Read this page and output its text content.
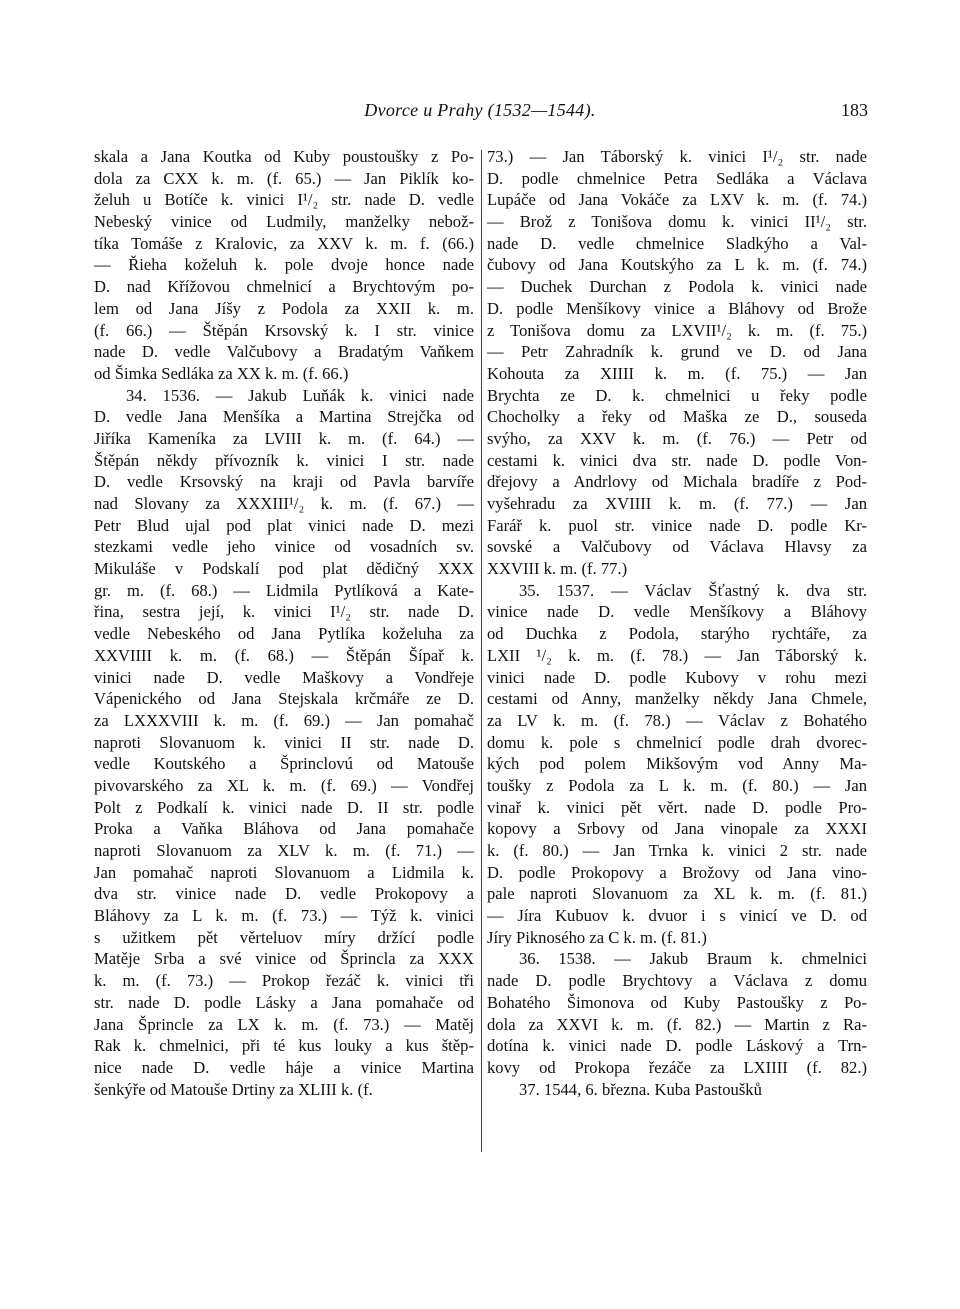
Dvorce u Prahy (1532—1544).	183
skala a Jana Koutka od Kuby poustoušky z Po-
dola za CXX k. m. (f. 65.) — Jan Piklík ko-
želuh u Botíče k. vinici I¹/₂ str. nade D. vedle
Nebeský vinice od Ludmily, manželky nebož-
tíka Tomáše z Kralovic, za XXV k. m. f. (66.)
— Řieha koželuh k. pole dvoje honce nade
D. nad Křížovou chmelnicí a Brychtovým po-
lem od Jana Jíšy z Podola za XXII k. m.
(f. 66.) — Štěpán Krsovský k. I str. vinice
nade D. vedle Valčubovy a Bradatým Vaňkem
od Šimka Sedláka za XX k. m. (f. 66.)
34. 1536. — Jakub Luňák k. vinici nade
D. vedle Jana Menšíka a Martina Strejčka od
Jiříka Kameníka za LVIII k. m. (f. 64.) —
Štěpán někdy přívozník k. vinici I str. nade
D. vedle Krsovský na kraji od Pavla barvíře
nad Slovany za XXXIII¹/₂ k. m. (f. 67.) —
Petr Blud ujal pod plat vinici nade D. mezi
stezkami vedle jeho vinice od vosadních sv.
Mikuláše v Podskalí pod plat dědičný XXX
gr. m. (f. 68.) — Lidmila Pytlíková a Kate-
řina, sestra její, k. vinici I¹/₂ str. nade D.
vedle Nebeského od Jana Pytlíka koželuha za
XXVIIII k. m. (f. 68.) — Štěpán Šípař k.
vinici nade D. vedle Maškovy a Vondřeje
Vápenického od Jana Stejskala krčmáře ze D.
za LXXXVIII k. m. (f. 69.) — Jan pomahač
naproti Slovanuom k. vinici II str. nade D.
vedle Koutského a Šprinclovú od Matouše
pivovarského za XL k. m. (f. 69.) — Vondřej
Polt z Podkalí k. vinici nade D. II str. podle
Proka a Vaňka Bláhova od Jana pomahače
naproti Slovanuom za XLV k. m. (f. 71.) —
Jan pomahač naproti Slovanuom a Lidmila k.
dva str. vinice nade D. vedle Prokopovy a
Bláhovy za L k. m. (f. 73.) — Týž k. vinici
s užitkem pět věrteluov míry držící podle
Matěje Srba a své vinice od Šprincla za XXX
k. m. (f. 73.) — Prokop řezáč k. vinici tři
str. nade D. podle Lásky a Jana pomahače od
Jana Šprincle za LX k. m. (f. 73.) — Matěj
Rak k. chmelnici, při té kus louky a kus štěp-
nice nade D. vedle háje a vinice Martina
šenkýře od Matouše Drtiny za XLIII k. (f.
73.) — Jan Táborský k. vinici I¹/₂ str. nade
D. podle chmelnice Petra Sedláka a Václava
Lupáče od Jana Vokáče za LXV k. m. (f. 74.)
— Brož z Tonišova domu k. vinici II¹/₂ str.
nade D. vedle chmelnice Sladkýho a Val-
čubovy od Jana Koutskýho za L k. m. (f. 74.)
— Duchek Durchan z Podola k. vinici nade
D. podle Menšíkovy vinice a Bláhovy od Brože
z Tonišova domu za LXVII¹/₂ k. m. (f. 75.)
— Petr Zahradník k. grund ve D. od Jana
Kohouta za XIIII k. m. (f. 75.) — Jan
Brychta ze D. k. chmelnici u řeky podle
Chocholky a řeky od Maška ze D., souseda
svýho, za XXV k. m. (f. 76.) — Petr od
cestami k. vinici dva str. nade D. podle Von-
dřejovy a Andrlovy od Michala bradíře z Pod-
vyšehradu za XVIIII k. m. (f. 77.) — Jan
Farář k. puol str. vinice nade D. podle Kr-
sovské a Valčubovy od Václava Hlavsy za
XXVIII k. m. (f. 77.)
35. 1537. — Václav Šťastný k. dva str.
vinice nade D. vedle Menšíkovy a Bláhovy
od Duchka z Podola, starýho rychtáře, za
LXII ¹/₂ k. m. (f. 78.) — Jan Táborský k.
vinici nade D. podle Kubovy v rohu mezi
cestami od Anny, manželky někdy Jana Chmele,
za LV k. m. (f. 78.) — Václav z Bohatého
domu k. pole s chmelnicí podle drah dvorec-
kých pod polem Mikšovým vod Anny Ma-
toušky z Podola za L k. m. (f. 80.) — Jan
vinař k. vinici pět věrt. nade D. podle Pro-
kopovy a Srbovy od Jana vinopale za XXXI
k. (f. 80.) — Jan Trnka k. vinici 2 str. nade
D. podle Prokopovy a Brožovy od Jana vino-
pale naproti Slovanuom za XL k. m. (f. 81.)
— Jíra Kubuov k. dvuor i s vinicí ve D. od
Jíry Piknoséhо za C k. m. (f. 81.)
36. 1538. — Jakub Braum k. chmelnici
nade D. podle Brychtovy a Václava z domu
Bohatého Šimonova od Kuby Pastoušky z Po-
dola za XXVI k. m. (f. 82.) — Martin z Ra-
dotína k. vinici nade D. podle Láskový a Trn-
kovy od Prokopa řezáče za LXIIII (f. 82.)
37. 1544, 6. března. Kuba Pastoušků
